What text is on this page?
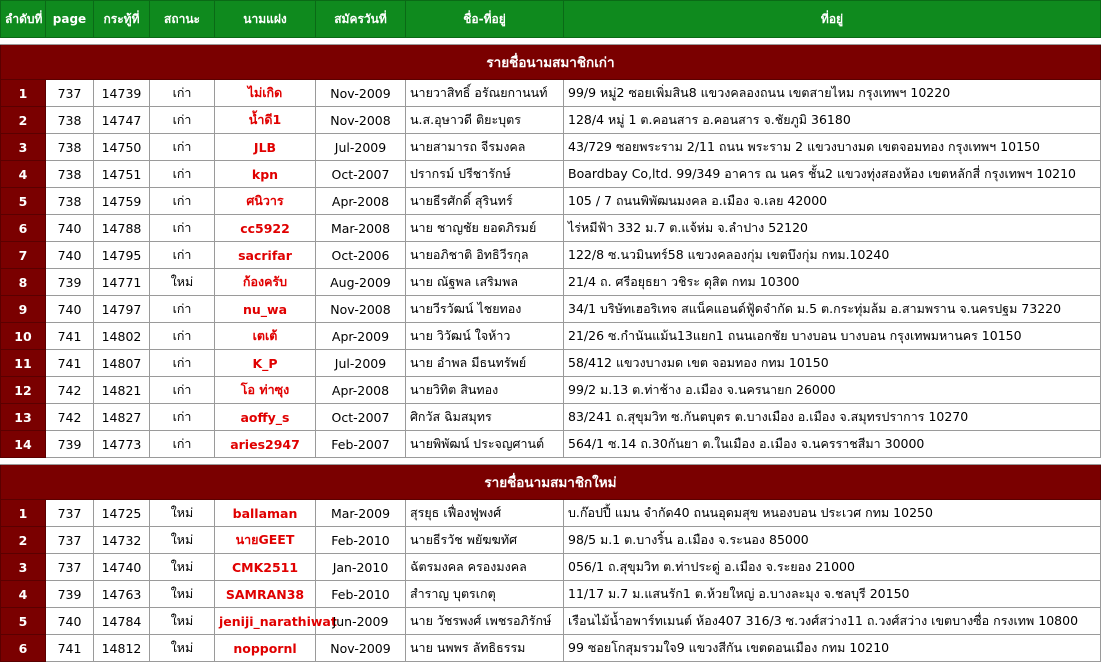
ลำดับที่	page	กระทู้ที่	สถานะ	นามแฝง	สมัครวันที่	ชื่อ-ที่อยู่	ที่อยู่

รายชื่อนามสมาชิกเก่า							
1	737	14739	เก่า	ไม่เกิด	Nov-2009	นายวาสิทธิ์ อรัณยกานนท์	99/9 หมู่2 ซอยเพิ่มสิน8 แขวงคลองถนน เขตสายไหม กรุงเทพฯ 10220
2	738	14747	เก่า	น้ำดี1	Nov-2008	น.ส.อุษาวดี ติยะบุตร	128/4 หมู่ 1 ต.คอนสาร อ.คอนสาร จ.ชัยภูมิ 36180
3	738	14750	เก่า	JLB	Jul-2009	นายสามารถ จีรมงคล	43/729 ซอยพระราม 2/11 ถนน พระราม 2 แขวงบางมด เขตจอมทอง กรุงเทพฯ 10150
4	738	14751	เก่า	kpn	Oct-2007	ปรากรม์ ปรีชารักษ์	Boardbay Co,ltd. 99/349 อาคาร ณ นคร ชั้น2 แขวงทุ่งสองห้อง เขตหลักสี่ กรุงเทพฯ 10210
5	738	14759	เก่า	ศนิวาร	Apr-2008	นายธีรศักดิ์ สุรินทร์	105 / 7 ถนนพิพัฒนมงคล อ.เมือง จ.เลย 42000
6	740	14788	เก่า	cc5922	Mar-2008	นาย ชาญชัย ยอดภิรมย์	ไร่หมีฟ้า 332 ม.7 ต.แจ้ห่ม จ.ลำปาง 52120
7	740	14795	เก่า	sacrifar	Oct-2006	นายอภิชาติ อิทธิวีรกุล	122/8 ซ.นวมินทร์58 แขวงคลองกุ่ม เขตบึงกุ่ม กทม.10240
8	739	14771	ใหม่	ก้องครับ	Aug-2009	นาย ณัฐพล เสริมพล	21/4 ถ. ศรีอยุธยา วชิระ ดุสิต กทม 10300
9	740	14797	เก่า	nu_wa	Nov-2008	นายวีรวัฒน์ ไชยทอง	34/1 บริษัทเฮอริเทจ สแน็คแอนด์ฟู้ดจำกัด ม.5 ต.กระทุ่มล้ม อ.สามพราน จ.นครปฐม 73220
10	741	14802	เก่า	เตเต้	Apr-2009	นาย วิวัฒน์ ใจห้าว	21/26 ซ.กำนันแม้น13แยก1 ถนนเอกชัย บางบอน บางบอน กรุงเทพมหานคร 10150
11	741	14807	เก่า	K_P	Jul-2009	นาย อำพล มีธนทรัพย์	58/412 แขวงบางมด เขต จอมทอง กทม 10150
12	742	14821	เก่า	โอ ท่าซุง	Apr-2008	นายวิทิต สินทอง	99/2 ม.13 ต.ท่าช้าง อ.เมือง จ.นครนายก 26000
13	742	14827	เก่า	aoffy_s	Oct-2007	ศิกวัส ฉิมสมุทร	83/241 ถ.สุขุมวิท ซ.กันตบุตร ต.บางเมือง อ.เมือง จ.สมุทรปราการ 10270
14	739	14773	เก่า	aries2947	Feb-2007	นายพิพัฒน์ ประจญศานต์	564/1 ซ.14 ถ.30กันยา ต.ในเมือง อ.เมือง จ.นครราชสีมา 30000

รายชื่อนามสมาชิกใหม่							
1	737	14725	ใหม่	ballaman	Mar-2009	สุรยุธ เฟื่องฟูพงศ์	บ.ก๊อปปี้ แมน จำกัด40 ถนนอุดมสุข หนองบอน ประเวศ กทม 10250
2	737	14732	ใหม่	นายGEET	Feb-2010	นายธีรวัช พยัฆฆทัศ	98/5 ม.1 ต.บางริ้น อ.เมือง จ.ระนอง 85000
3	737	14740	ใหม่	CMK2511	Jan-2010	ฉัตรมงคล ครองมงคล	056/1 ถ.สุขุมวิท ต.ท่าประดู่ อ.เมือง จ.ระยอง 21000
4	739	14763	ใหม่	SAMRAN38	Feb-2010	สำราญ บุตรเกตุ	11/17 ม.7 ม.แสนรัก1 ต.ห้วยใหญ่ อ.บางละมุง จ.ชลบุรี 20150
5	740	14784	ใหม่	jeniji_narathiwat	Jun-2009	นาย วัชรพงศ์ เพชรอภิรักษ์	เรือนไม้น้ำอพาร์ทเมนต์ ห้อง407 316/3 ซ.วงศ์สว่าง11 ถ.วงศ์สว่าง เขตบางซื่อ กรงเทพ 10800
6	741	14812	ใหม่	noppornl	Nov-2009	นาย นพพร ลัทธิธรรม	99 ซอยโกสุมรวมใจ9 แขวงสีกัน เขตดอนเมือง กทม 10210
